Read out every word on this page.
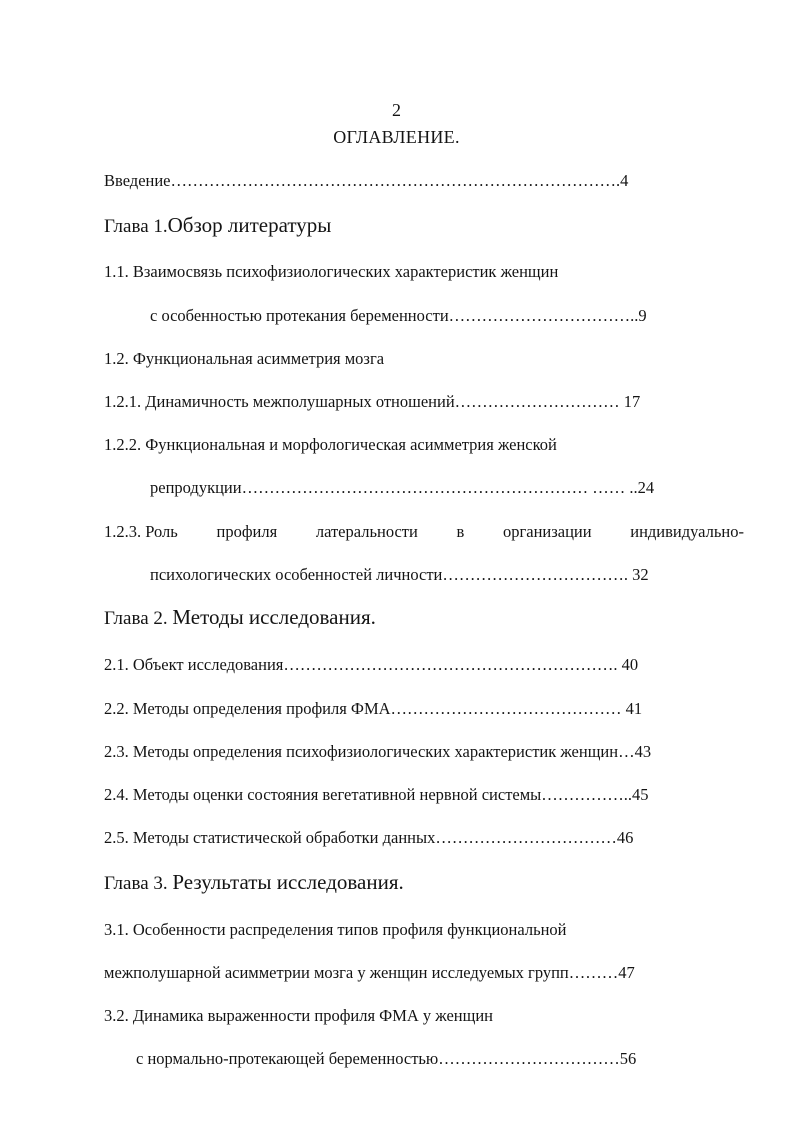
2
ОГЛАВЛЕНИЕ.
Введение……………………………………………………………………….4
Глава 1.Обзор литературы
1.1. Взаимосвязь психофизиологических характеристик женщин
с особенностью протекания беременности……………………………..9
1.2. Функциональная асимметрия мозга
1.2.1. Динамичность межполушарных отношений………………………… 17
1.2.2. Функциональная и морфологическая асимметрия женской
репродукции……………………………………………………… …… ..24
1.2.3. Роль профиля латеральности в организации индивидуально-
психологических особенностей личности……………………………. 32
Глава 2. Методы исследования.
2.1. Объект исследования……………………………………………………. 40
2.2. Методы определения профиля ФМА…………………………………… 41
2.3. Методы определения психофизиологических характеристик женщин…43
2.4. Методы оценки состояния вегетативной нервной системы……………..45
2.5. Методы статистической обработки данных……………………………46
Глава 3. Результаты исследования.
3.1. Особенности распределения типов профиля функциональной
межполушарной асимметрии мозга у женщин исследуемых групп………47
3.2. Динамика выраженности профиля ФМА у женщин
с нормально-протекающей беременностью……………………………56
